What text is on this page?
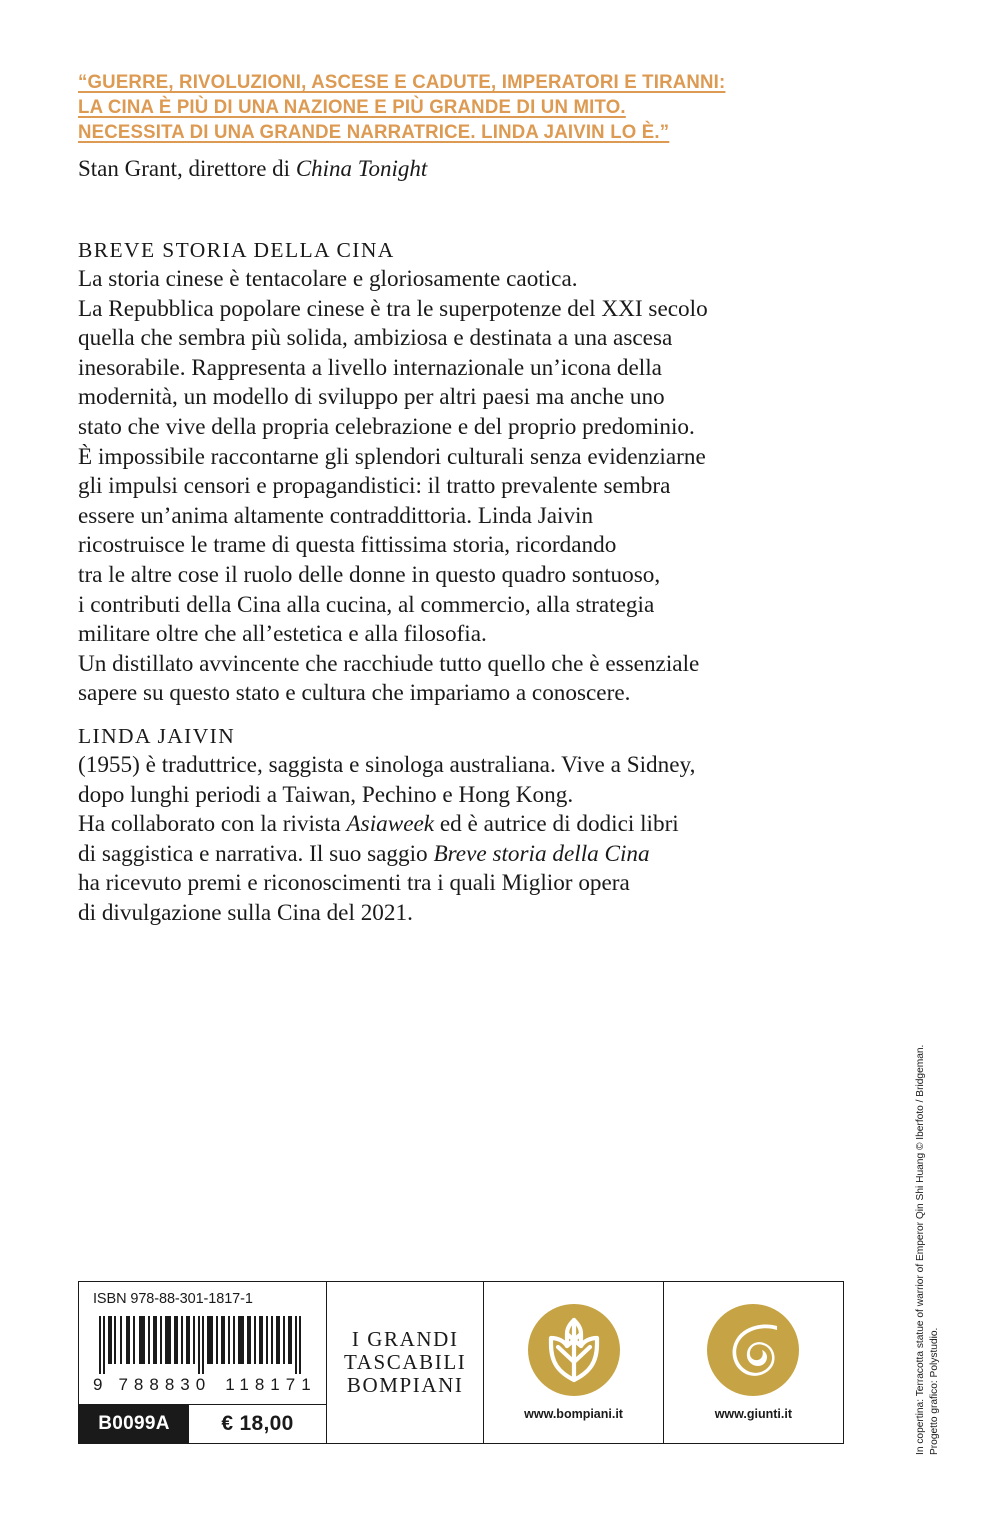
“GUERRE, RIVOLUZIONI, ASCESE E CADUTE, IMPERATORI E TIRANNI:
LA CINA È PIÙ DI UNA NAZIONE E PIÙ GRANDE DI UN MITO.
NECESSITA DI UNA GRANDE NARRATRICE. LINDA JAIVIN LO È.”
Stan Grant, direttore di China Tonight
BREVE STORIA DELLA CINA
La storia cinese è tentacolare e gloriosamente caotica.
La Repubblica popolare cinese è tra le superpotenze del XXI secolo
quella che sembra più solida, ambiziosa e destinata a una ascesa
inesorabile. Rappresenta a livello internazionale un’icona della
modernità, un modello di sviluppo per altri paesi ma anche uno
stato che vive della propria celebrazione e del proprio predominio.
È impossibile raccontarne gli splendori culturali senza evidenziarne
gli impulsi censori e propagandistici: il tratto prevalente sembra
essere un’anima altamente contraddittoria. Linda Jaivin
ricostruisce le trame di questa fittissima storia, ricordando
tra le altre cose il ruolo delle donne in questo quadro sontuoso,
i contributi della Cina alla cucina, al commercio, alla strategia
militare oltre che all’estetica e alla filosofia.
Un distillato avvincente che racchiude tutto quello che è essenziale
sapere su questo stato e cultura che impariamo a conoscere.
LINDA JAIVIN
(1955) è traduttrice, saggista e sinologa australiana. Vive a Sidney,
dopo lunghi periodi a Taiwan, Pechino e Hong Kong.
Ha collaborato con la rivista Asiaweek ed è autrice di dodici libri
di saggistica e narrativa. Il suo saggio Breve storia della Cina
ha ricevuto premi e riconoscimenti tra i quali Miglior opera
di divulgazione sulla Cina del 2021.
In copertina: Terracotta statue of warrior of Emperor Qin Shi Huang © Iberfoto / Bridgeman. Progetto grafico: Polystudio.
ISBN 978-88-301-1817-1
9 788830 118171
B0099A	€ 18,00
I GRANDI
TASCABILI
BOMPIANI
www.bompiani.it	www.giunti.it
